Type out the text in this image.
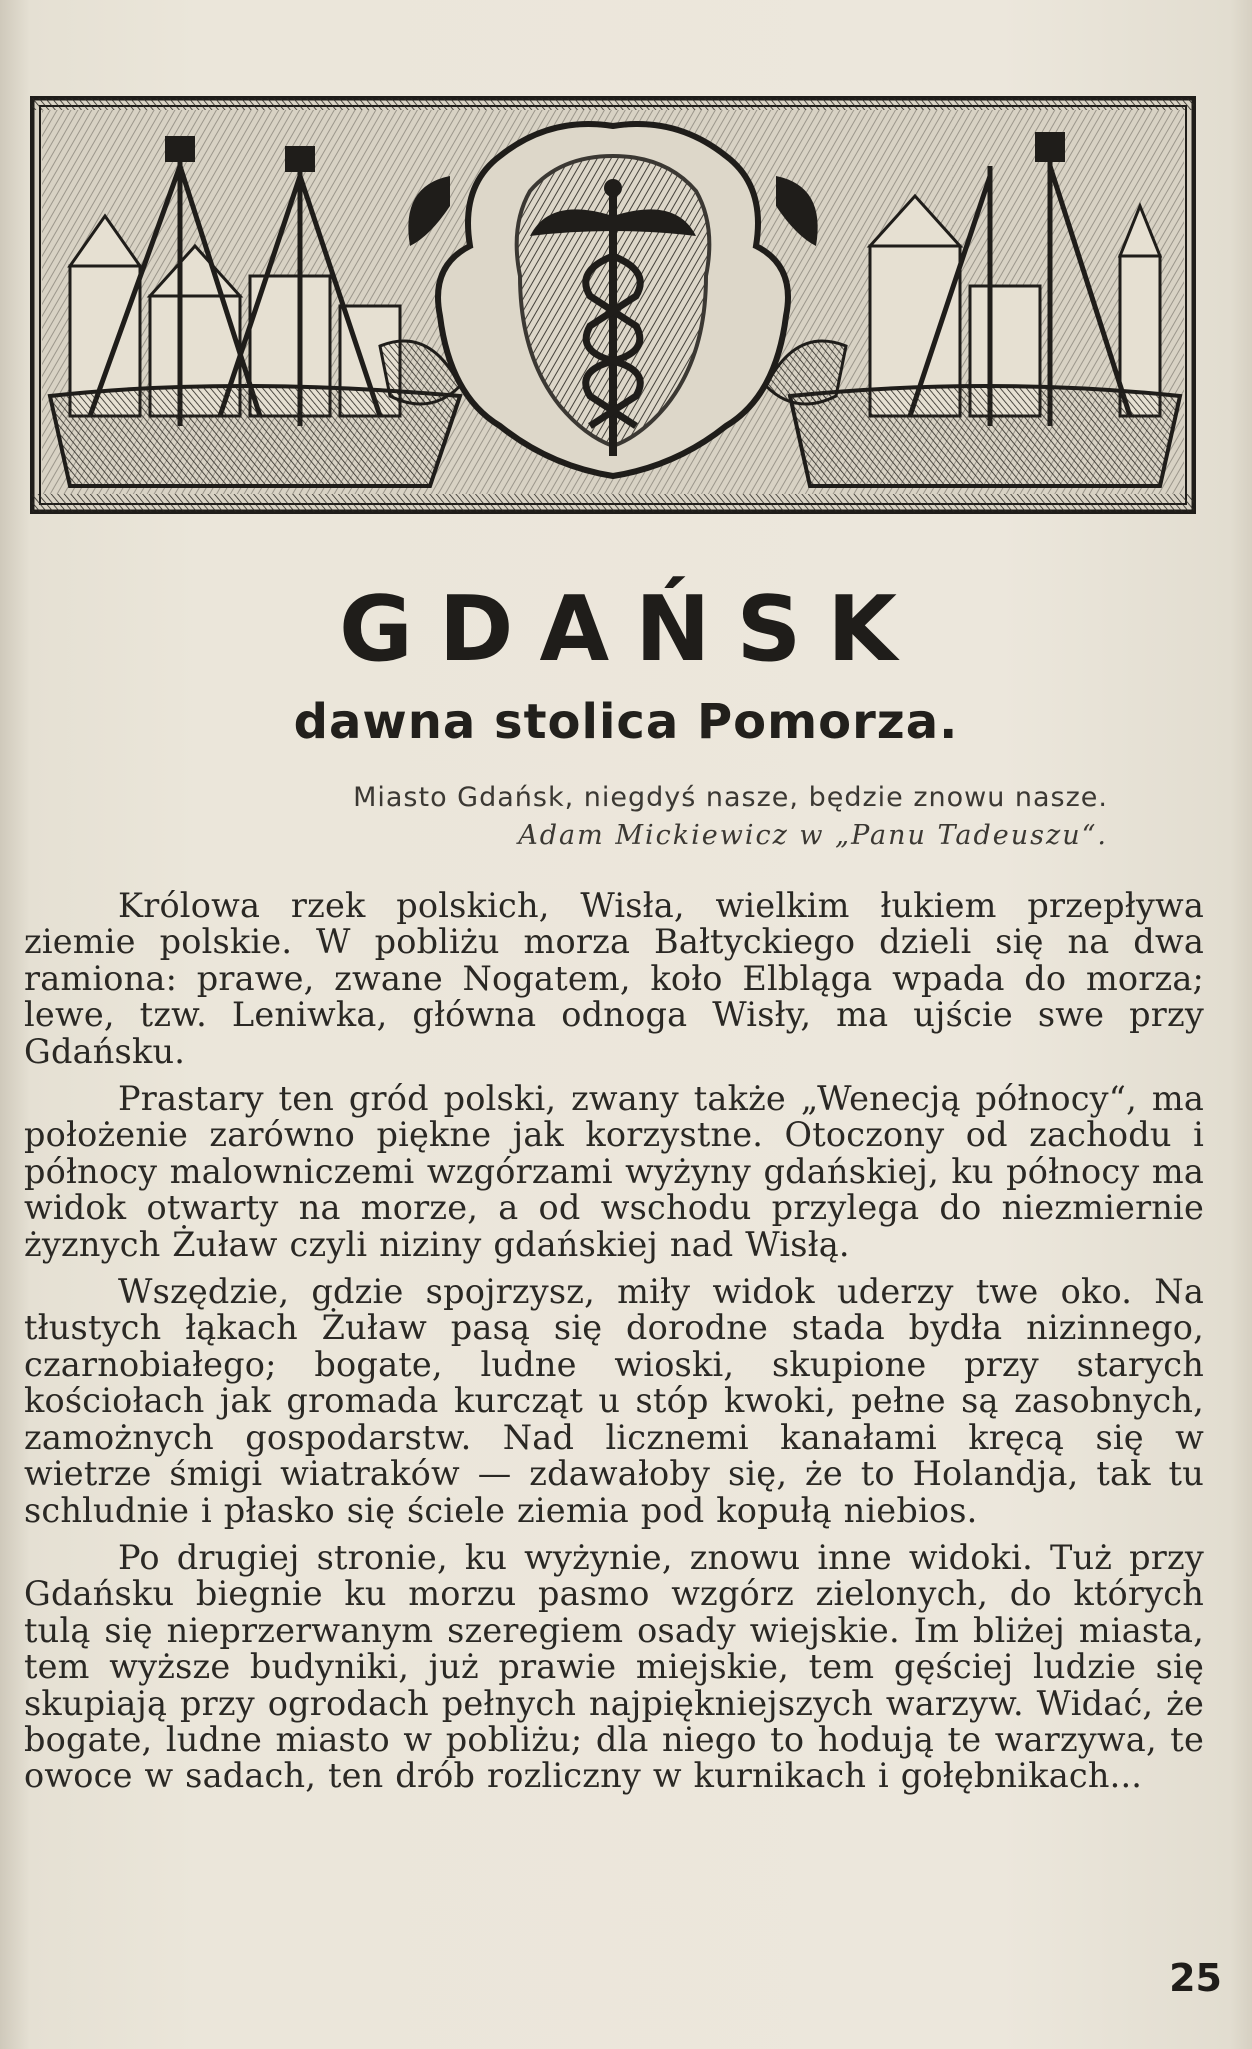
GDAŃSK
dawna stolica Pomorza.
Miasto Gdańsk, niegdyś nasze, będzie znowu nasze.
Adam Mickiewicz w „Panu Tadeuszu“.

Królowa rzek polskich, Wisła, wielkim łukiem przepływa ziemie polskie. W pobliżu morza Bałtyckiego dzieli się na dwa ramiona: prawe, zwane Nogatem, koło Elbląga wpada do morza; lewe, tzw. Leniwka, główna odnoga Wisły, ma ujście swe przy Gdańsku.

Prastary ten gród polski, zwany także „Wenecją północy“, ma położenie zarówno piękne jak korzystne. Otoczony od zachodu i północy malowniczemi wzgórzami wyżyny gdańskiej, ku północy ma widok otwarty na morze, a od wschodu przylega do niezmiernie żyznych Żuław czyli niziny gdańskiej nad Wisłą.

Wszędzie, gdzie spojrzysz, miły widok uderzy twe oko. Na tłustych łąkach Żuław pasą się dorodne stada bydła nizinnego, czarnobiałego; bogate, ludne wioski, skupione przy starych kościołach jak gromada kurcząt u stóp kwoki, pełne są zasobnych, zamożnych gospodarstw. Nad licznemi kanałami kręcą się w wietrze śmigi wiatraków — zdawałoby się, że to Holandja, tak tu schludnie i płasko się ściele ziemia pod kopułą niebios.

Po drugiej stronie, ku wyżynie, znowu inne widoki. Tuż przy Gdańsku biegnie ku morzu pasmo wzgórz zielonych, do których tulą się nieprzerwanym szeregiem osady wiejskie. Im bliżej miasta, tem wyższe budyniki, już prawie miejskie, tem gęściej ludzie się skupiają przy ogrodach pełnych najpiękniejszych warzyw. Widać, że bogate, ludne miasto w pobliżu; dla niego to hodują te warzywa, te owoce w sadach, ten drób rozliczny w kurnikach i gołębnikach...

25
